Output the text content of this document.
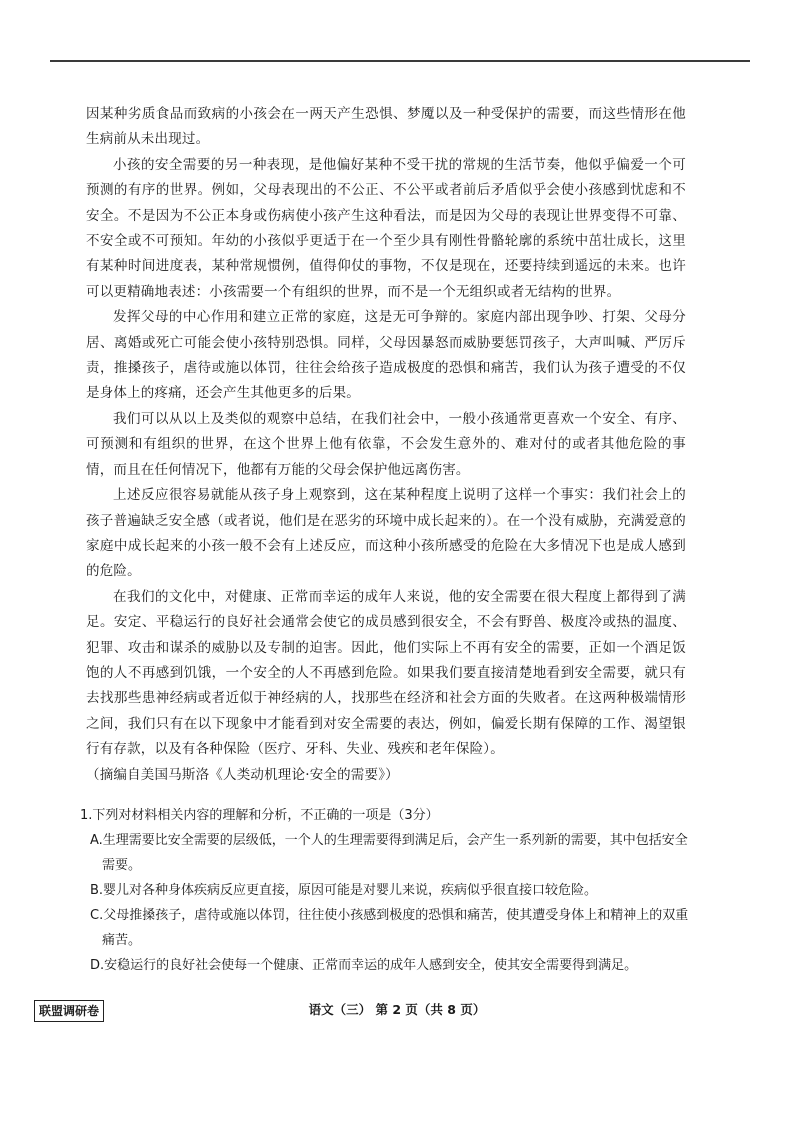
因某种劣质食品而致病的小孩会在一两天产生恐惧、梦魇以及一种受保护的需要，而这些情形在他生病前从未出现过。

小孩的安全需要的另一种表现，是他偏好某种不受干扰的常规的生活节奏，他似乎偏爱一个可预测的有序的世界。例如，父母表现出的不公正、不公平或者前后矛盾似乎会使小孩感到忧虑和不安全。不是因为不公正本身或伤病使小孩产生这种看法，而是因为父母的表现让世界变得不可靠、不安全或不可预知。年幼的小孩似乎更适于在一个至少具有刚性骨骼轮廓的系统中茁壮成长，这里有某种时间进度表，某种常规惯例，值得仰仗的事物，不仅是现在，还要持续到遥远的未来。也许可以更精确地表述：小孩需要一个有组织的世界，而不是一个无组织或者无结构的世界。

发挥父母的中心作用和建立正常的家庭，这是无可争辩的。家庭内部出现争吵、打架、父母分居、离婚或死亡可能会使小孩特别恐惧。同样，父母因暴怒而威胁要惩罚孩子，大声叫喊、严厉斥责，推搡孩子，虐待或施以体罚，往往会给孩子造成极度的恐惧和痛苦，我们认为孩子遭受的不仅是身体上的疼痛，还会产生其他更多的后果。

我们可以从以上及类似的观察中总结，在我们社会中，一般小孩通常更喜欢一个安全、有序、可预测和有组织的世界，在这个世界上他有依靠，不会发生意外的、难对付的或者其他危险的事情，而且在任何情况下，他都有万能的父母会保护他远离伤害。

上述反应很容易就能从孩子身上观察到，这在某种程度上说明了这样一个事实：我们社会上的孩子普遍缺乏安全感（或者说，他们是在恶劣的环境中成长起来的）。在一个没有威胁，充满爱意的家庭中成长起来的小孩一般不会有上述反应，而这种小孩所感受的危险在大多情况下也是成人感到的危险。

在我们的文化中，对健康、正常而幸运的成年人来说，他的安全需要在很大程度上都得到了满足。安定、平稳运行的良好社会通常会使它的成员感到很安全，不会有野兽、极度冷或热的温度、犯罪、攻击和谋杀的威胁以及专制的迫害。因此，他们实际上不再有安全的需要，正如一个酒足饭饱的人不再感到饥饿，一个安全的人不再感到危险。如果我们要直接清楚地看到安全需要，就只有去找那些患神经病或者近似于神经病的人，找那些在经济和社会方面的失败者。在这两种极端情形之间，我们只有在以下现象中才能看到对安全需要的表达，例如，偏爱长期有保障的工作、渴望银行有存款，以及有各种保险（医疗、牙科、失业、残疾和老年保险）。

（摘编自美国马斯洛《人类动机理论·安全的需要》）

1.下列对材料相关内容的理解和分析，不正确的一项是（3分）

A.生理需要比安全需要的层级低，一个人的生理需要得到满足后，会产生一系列新的需要，其中包括安全需要。

B.婴儿对各种身体疾病反应更直接，原因可能是对婴儿来说，疾病似乎很直接口较危险。

C.父母推搡孩子，虐待或施以体罚，往往使小孩感到极度的恐惧和痛苦，使其遭受身体上和精神上的双重痛苦。

D.安稳运行的良好社会使每一个健康、正常而幸运的成年人感到安全，使其安全需要得到满足。

联盟调研卷	语文（三） 第 2 页（共 8 页）
